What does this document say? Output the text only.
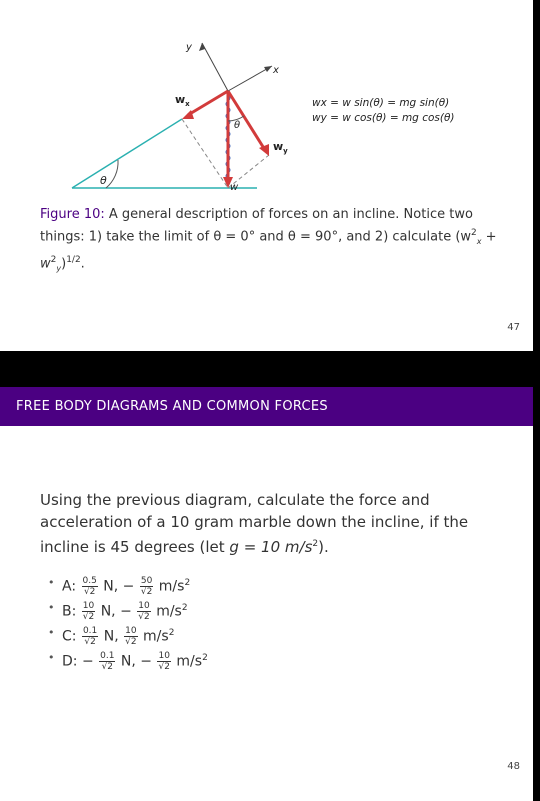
θ
y
x
θ
$w_x$
$w_y$
w
wx = w sin(θ) = mg sin(θ)
wy = w cos(θ) = mg cos(θ)
Figure 10: A general description of forces on an incline. Notice two things: 1) take the limit of θ = 0° and θ = 90°, and 2) calculate $(w^2_x + w^2_y)^{1/2}$.
47
FREE BODY DIAGRAMS AND COMMON FORCES
Using the previous diagram, calculate the force and acceleration of a 10 gram marble down the incline, if the incline is 45 degrees (let g = 10 $m/s^2$).
• A: $\frac{0.5}{√2} N$, − $\frac{50}{√2} m/s^2$
• B: $\frac{10}{√2} N$, − $\frac{10}{√2} m/s^2$
• C: $\frac{0.1}{√2} N$, $\frac{10}{√2} m/s^2$
• D: − $\frac{0.1}{√2} N$, − $\frac{10}{√2} m/s^2$
48
